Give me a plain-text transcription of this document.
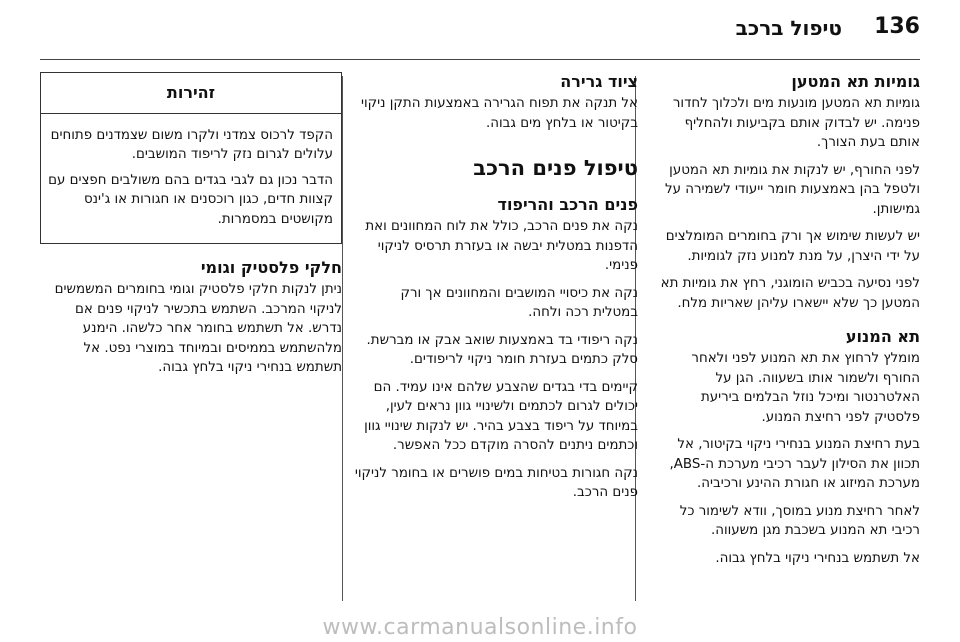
136
טיפול ברכב
גומיות תא המטען

גומיות תא המטען מונעות מים ולכלוך לחדור פנימה. יש לבדוק אותם בקביעות ולהחליף אותם בעת הצורך.

לפני החורף, יש לנקות את גומיות תא המטען ולטפל בהן באמצעות חומר ייעודי לשמירה על גמישותן.

יש לעשות שימוש אך ורק בחומרים המומלצים על ידי היצרן, על מנת למנוע נזק לגומיות.

לפני נסיעה בכביש הומוגני, רחץ את גומיות תא המטען כך שלא יישארו עליהן שאריות מלח.

תא המנוע

מומלץ לרחוץ את תא המנוע לפני ולאחר החורף ולשמור אותו בשעווה. הגן על האלטרנטור ומיכל נוזל הבלמים ביריעת פלסטיק לפני רחיצת המנוע.

בעת רחיצת המנוע בנחירי ניקוי בקיטור, אל תכוון את הסילון לעבר רכיבי מערכת ה-ABS, מערכת המיזוג או חגורת ההינע ורכיביה.

לאחר רחיצת מנוע במוסך, וודא לשימור כל רכיבי תא המנוע בשכבת מגן משעווה.

אל תשתמש בנחירי ניקוי בלחץ גבוה.

ציוד גרירה

אל תנקה את תפוח הגרירה באמצעות התקן ניקוי בקיטור או בלחץ מים גבוה.

טיפול פנים הרכב
פנים הרכב והריפוד

נקה את פנים הרכב, כולל את לוח המחוונים ואת הדפנות במטלית יבשה או בעזרת תרסיס לניקוי פנימי.

נקה את כיסויי המושבים והמחוונים אך ורק במטלית רכה ולחה.

נקה ריפודי בד באמצעות שואב אבק או מברשת. סלק כתמים בעזרת חומר ניקוי לריפודים.

קיימים בדי בגדים שהצבע שלהם אינו עמיד. הם יכולים לגרום לכתמים ולשינויי גוון נראים לעין, במיוחד על ריפוד בצבע בהיר. יש לנקות שינויי גוון וכתמים ניתנים להסרה מוקדם ככל האפשר.

נקה חגורות בטיחות במים פושרים או בחומר לניקוי פנים הרכב.

זהירות

הקפד לרכוס צמדני ולקרו משום שצמדנים פתוחים עלולים לגרום נזק לריפוד המושבים.

הדבר נכון גם לגבי בגדים בהם משולבים חפצים עם קצוות חדים, כגון רוכסנים או חגורות או ג'ינס מקושטים במסמרות.

חלקי פלסטיק וגומי

ניתן לנקות חלקי פלסטיק וגומי בחומרים המשמשים לניקוי המרכב. השתמש בתכשיר לניקוי פנים אם נדרש. אל תשתמש בחומר אחר כלשהו. הימנע מלהשתמש בממיסים ובמיוחד במוצרי נפט. אל תשתמש בנחירי ניקוי בלחץ גבוה.

www.carmanualsonline.info
